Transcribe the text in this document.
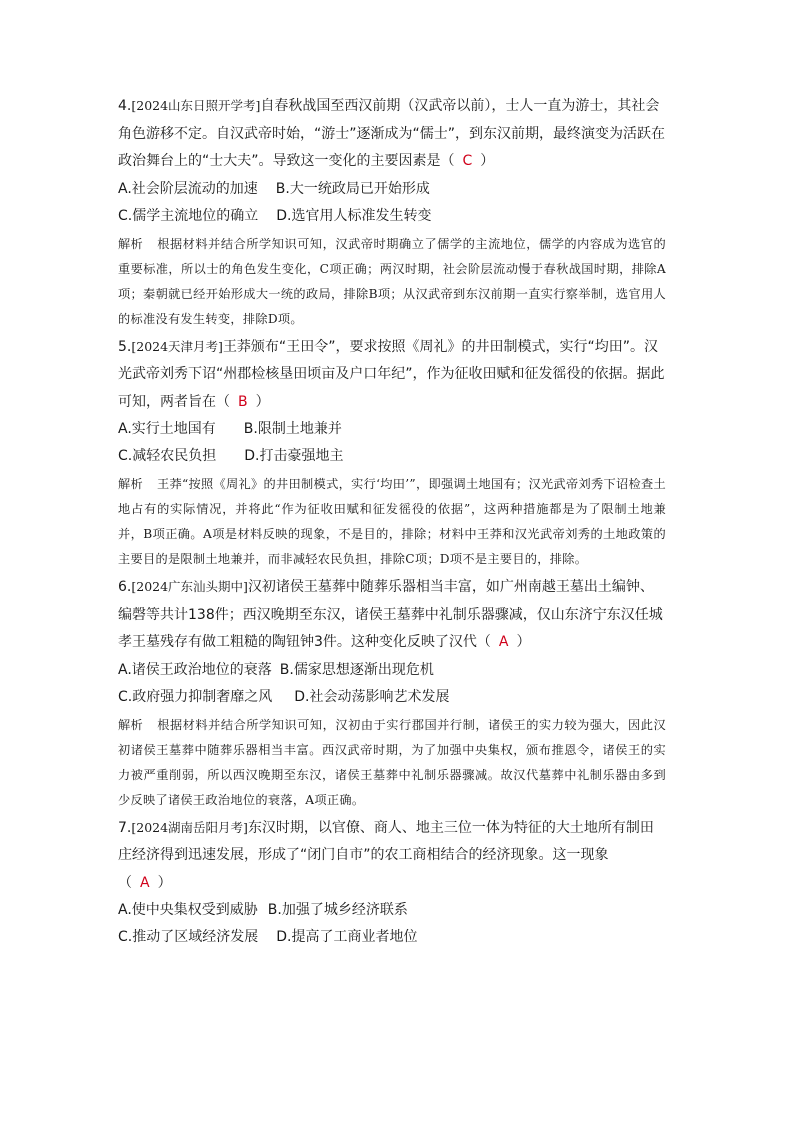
4.[2024山东日照开学考]自春秋战国至西汉前期（汉武帝以前），士人一直为游士，其社会角色游移不定。自汉武帝时始，“游士”逐渐成为“儒士”，到东汉前期，最终演变为活跃在政治舞台上的“士大夫”。导致这一变化的主要因素是（ C ）

A.社会阶层流动的加速 B.大一统政局已开始形成

C.儒学主流地位的确立 D.选官用人标准发生转变

解析 根据材料并结合所学知识可知，汉武帝时期确立了儒学的主流地位，儒学的内容成为选官的重要标准，所以士的角色发生变化，C项正确；两汉时期，社会阶层流动慢于春秋战国时期，排除A项；秦朝就已经开始形成大一统的政局，排除B项；从汉武帝到东汉前期一直实行察举制，选官用人的标准没有发生转变，排除D项。

5.[2024天津月考]王莽颁布“王田令”，要求按照《周礼》的井田制模式，实行“均田”。汉光武帝刘秀下诏“州郡检核垦田顷亩及户口年纪”，作为征收田赋和征发徭役的依据。据此可知，两者旨在（ B ）

A.实行土地国有 B.限制土地兼并

C.减轻农民负担 D.打击豪强地主

解析 王莽“按照《周礼》的井田制模式，实行‘均田’”，即强调土地国有；汉光武帝刘秀下诏检查土地占有的实际情况，并将此“作为征收田赋和征发徭役的依据”，这两种措施都是为了限制土地兼并，B项正确。A项是材料反映的现象，不是目的，排除；材料中王莽和汉光武帝刘秀的土地政策的主要目的是限制土地兼并，而非减轻农民负担，排除C项；D项不是主要目的，排除。

6.[2024广东汕头期中]汉初诸侯王墓葬中随葬乐器相当丰富，如广州南越王墓出土编钟、编磬等共计138件；西汉晚期至东汉，诸侯王墓葬中礼制乐器骤减，仅山东济宁东汉任城孝王墓残存有做工粗糙的陶钮钟3件。这种变化反映了汉代（ A ）

A.诸侯王政治地位的衰落 B.儒家思想逐渐出现危机

C.政府强力抑制奢靡之风 D.社会动荡影响艺术发展

解析 根据材料并结合所学知识可知，汉初由于实行郡国并行制，诸侯王的实力较为强大，因此汉初诸侯王墓葬中随葬乐器相当丰富。西汉武帝时期，为了加强中央集权，颁布推恩令，诸侯王的实力被严重削弱，所以西汉晚期至东汉，诸侯王墓葬中礼制乐器骤减。故汉代墓葬中礼制乐器由多到少反映了诸侯王政治地位的衰落，A项正确。

7.[2024湖南岳阳月考]东汉时期，以官僚、商人、地主三位一体为特征的大土地所有制田庄经济得到迅速发展，形成了“闭门自市”的农工商相结合的经济现象。这一现象

（ A ）

A.使中央集权受到威胁 B.加强了城乡经济联系

C.推动了区域经济发展 D.提高了工商业者地位
